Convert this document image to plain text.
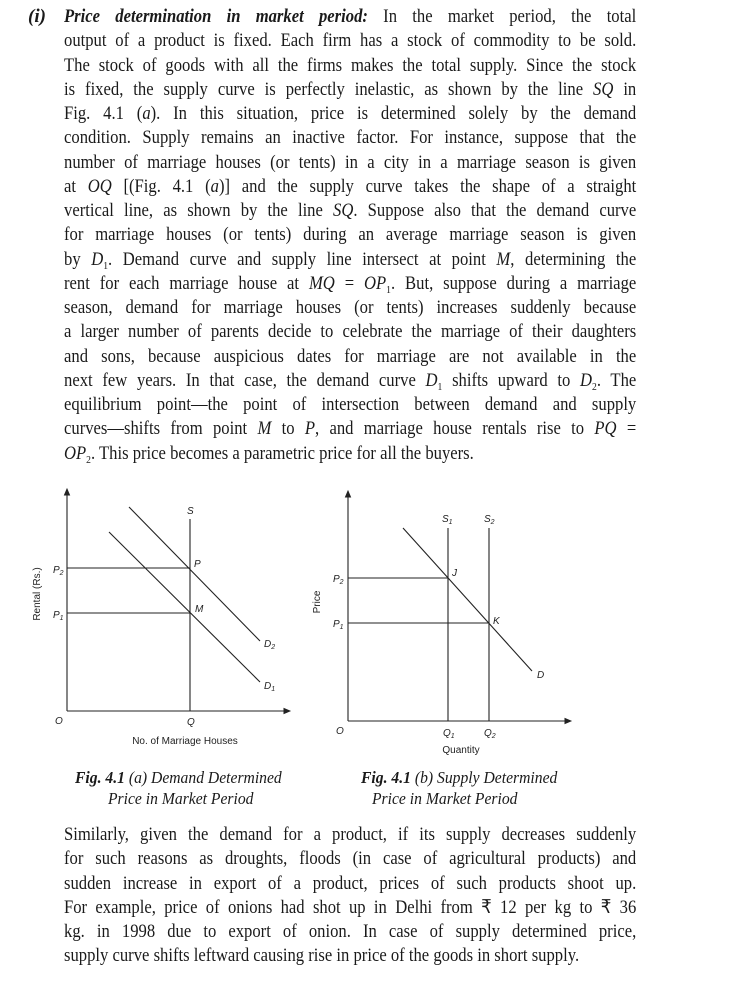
(i) Price determination in market period: In the market period, the total
output of a product is fixed. Each firm has a stock of commodity to be sold.
The stock of goods with all the firms makes the total supply. Since the stock
is fixed, the supply curve is perfectly inelastic, as shown by the line SQ in
Fig. 4.1 (a). In this situation, price is determined solely by the demand
condition. Supply remains an inactive factor. For instance, suppose that the
number of marriage houses (or tents) in a city in a marriage season is given
at OQ [(Fig. 4.1 (a)] and the supply curve takes the shape of a straight
vertical line, as shown by the line SQ. Suppose also that the demand curve
for marriage houses (or tents) during an average marriage season is given
by $D_1$. Demand curve and supply line intersect at point M, determining the
rent for each marriage house at MQ = $OP_1$. But, suppose during a marriage
season, demand for marriage houses (or tents) increases suddenly because
a larger number of parents decide to celebrate the marriage of their daughters
and sons, because auspicious dates for marriage are not available in the
next few years. In that case, the demand curve $D_1$ shifts upward to $D_2$. The
equilibrium point—the point of intersection between demand and supply
curves—shifts from point M to P, and marriage house rentals rise to PQ =
$OP_2$. This price becomes a parametric price for all the buyers.
S
P
M
$D_2$
$D_1$
$P_2$
$P_1$
O	Q
No. of Marriage Houses
Rental (Rs.)
$S_1$	$S_2$
J
K
D
$P_2$
$P_1$
O	$Q_1$	$Q_2$
Quantity
Price
Fig. 4.1 (a) Demand Determined
Price in Market Period
Fig. 4.1 (b) Supply Determined
Price in Market Period
Similarly, given the demand for a product, if its supply decreases suddenly
for such reasons as droughts, floods (in case of agricultural products) and
sudden increase in export of a product, prices of such products shoot up.
For example, price of onions had shot up in Delhi from ₹ 12 per kg to ₹ 36
kg. in 1998 due to export of onion. In case of supply determined price,
supply curve shifts leftward causing rise in price of the goods in short supply.
